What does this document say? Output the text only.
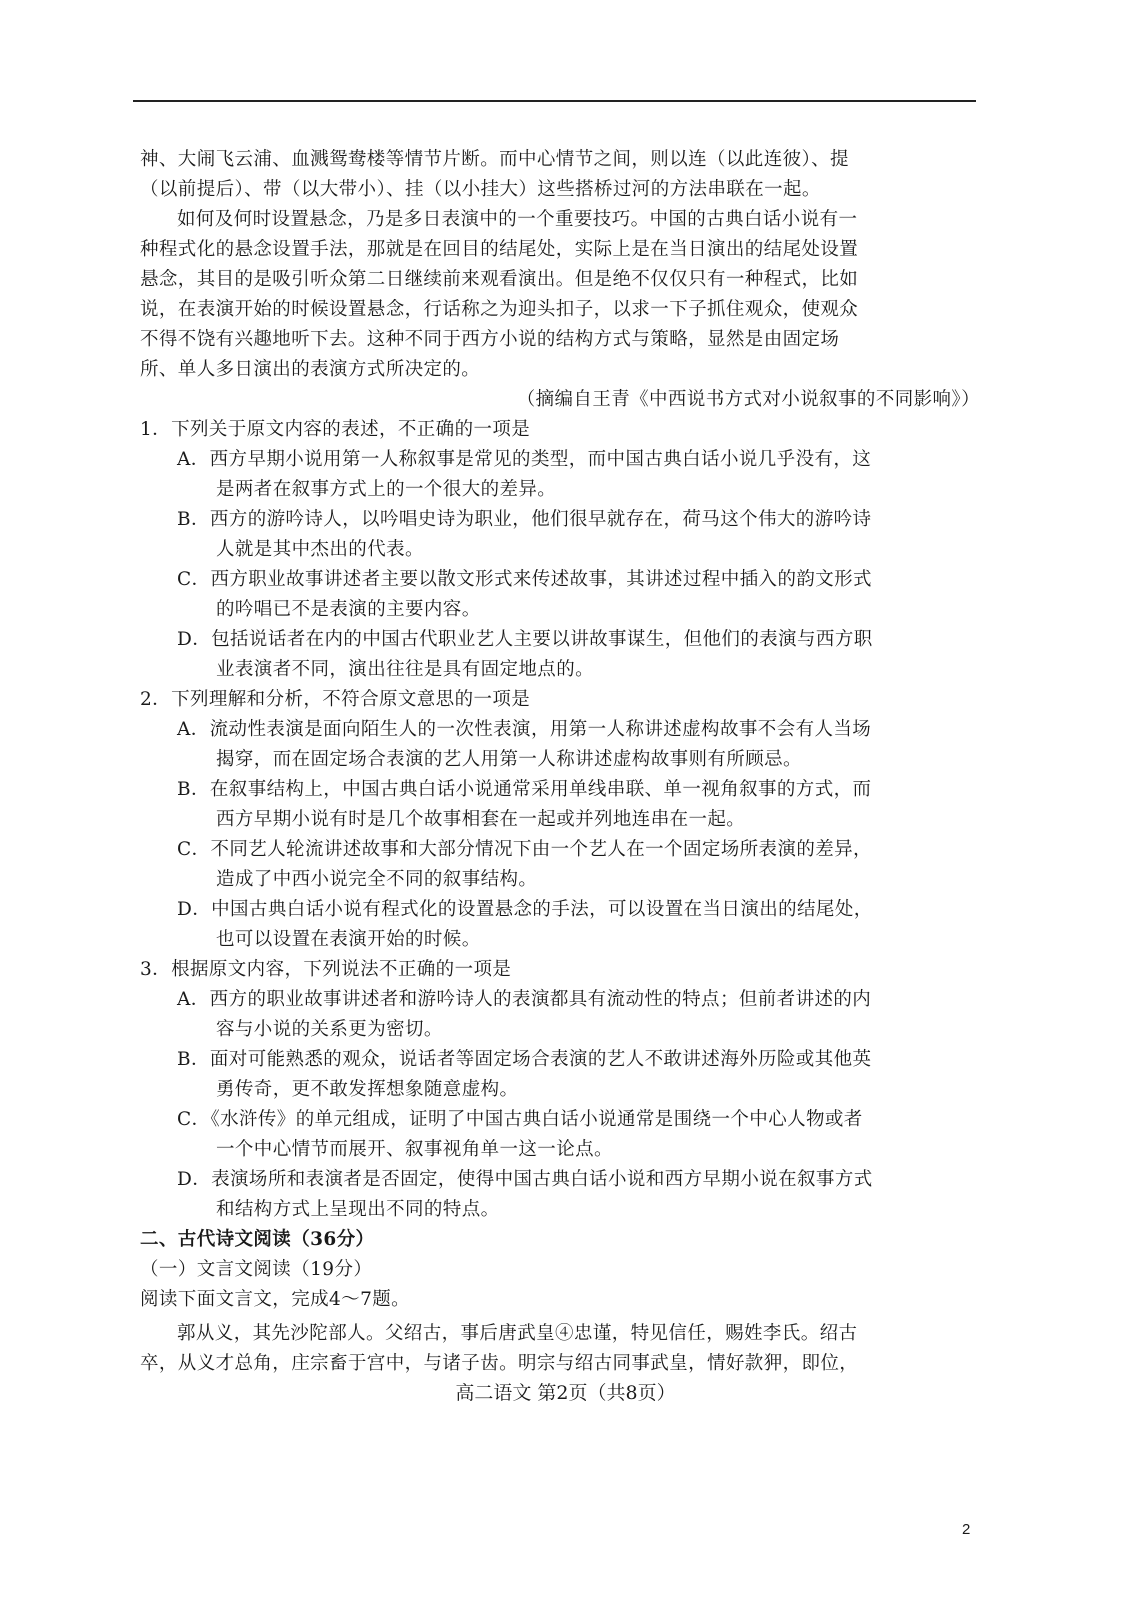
神、大闹飞云浦、血溅鸳鸯楼等情节片断。而中心情节之间，则以连（以此连彼）、提
（以前提后）、带（以大带小）、挂（以小挂大）这些搭桥过河的方法串联在一起。
如何及何时设置悬念，乃是多日表演中的一个重要技巧。中国的古典白话小说有一
种程式化的悬念设置手法，那就是在回目的结尾处，实际上是在当日演出的结尾处设置
悬念，其目的是吸引听众第二日继续前来观看演出。但是绝不仅仅只有一种程式，比如
说，在表演开始的时候设置悬念，行话称之为迎头扣子，以求一下子抓住观众，使观众
不得不饶有兴趣地听下去。这种不同于西方小说的结构方式与策略，显然是由固定场
所、单人多日演出的表演方式所决定的。
（摘编自王青《中西说书方式对小说叙事的不同影响》）
1．下列关于原文内容的表述，不正确的一项是
A．西方早期小说用第一人称叙事是常见的类型，而中国古典白话小说几乎没有，这
是两者在叙事方式上的一个很大的差异。
B．西方的游吟诗人，以吟唱史诗为职业，他们很早就存在，荷马这个伟大的游吟诗
人就是其中杰出的代表。
C．西方职业故事讲述者主要以散文形式来传述故事，其讲述过程中插入的韵文形式
的吟唱已不是表演的主要内容。
D．包括说话者在内的中国古代职业艺人主要以讲故事谋生，但他们的表演与西方职
业表演者不同，演出往往是具有固定地点的。
2．下列理解和分析，不符合原文意思的一项是
A．流动性表演是面向陌生人的一次性表演，用第一人称讲述虚构故事不会有人当场
揭穿，而在固定场合表演的艺人用第一人称讲述虚构故事则有所顾忌。
B．在叙事结构上，中国古典白话小说通常采用单线串联、单一视角叙事的方式，而
西方早期小说有时是几个故事相套在一起或并列地连串在一起。
C．不同艺人轮流讲述故事和大部分情况下由一个艺人在一个固定场所表演的差异，
造成了中西小说完全不同的叙事结构。
D．中国古典白话小说有程式化的设置悬念的手法，可以设置在当日演出的结尾处，
也可以设置在表演开始的时候。
3．根据原文内容，下列说法不正确的一项是
A．西方的职业故事讲述者和游吟诗人的表演都具有流动性的特点；但前者讲述的内
容与小说的关系更为密切。
B．面对可能熟悉的观众，说话者等固定场合表演的艺人不敢讲述海外历险或其他英
勇传奇，更不敢发挥想象随意虚构。
C．《水浒传》的单元组成，证明了中国古典白话小说通常是围绕一个中心人物或者
一个中心情节而展开、叙事视角单一这一论点。
D．表演场所和表演者是否固定，使得中国古典白话小说和西方早期小说在叙事方式
和结构方式上呈现出不同的特点。
二、古代诗文阅读（36分）
（一）文言文阅读（19分）
阅读下面文言文，完成4～7题。
郭从义，其先沙陀部人。父绍古，事后唐武皇④忠谨，特见信任，赐姓李氏。绍古
卒，从义才总角，庄宗畜于宫中，与诸子齿。明宗与绍古同事武皇，情好款狎，即位，
高二语文 第2页（共8页）
2
